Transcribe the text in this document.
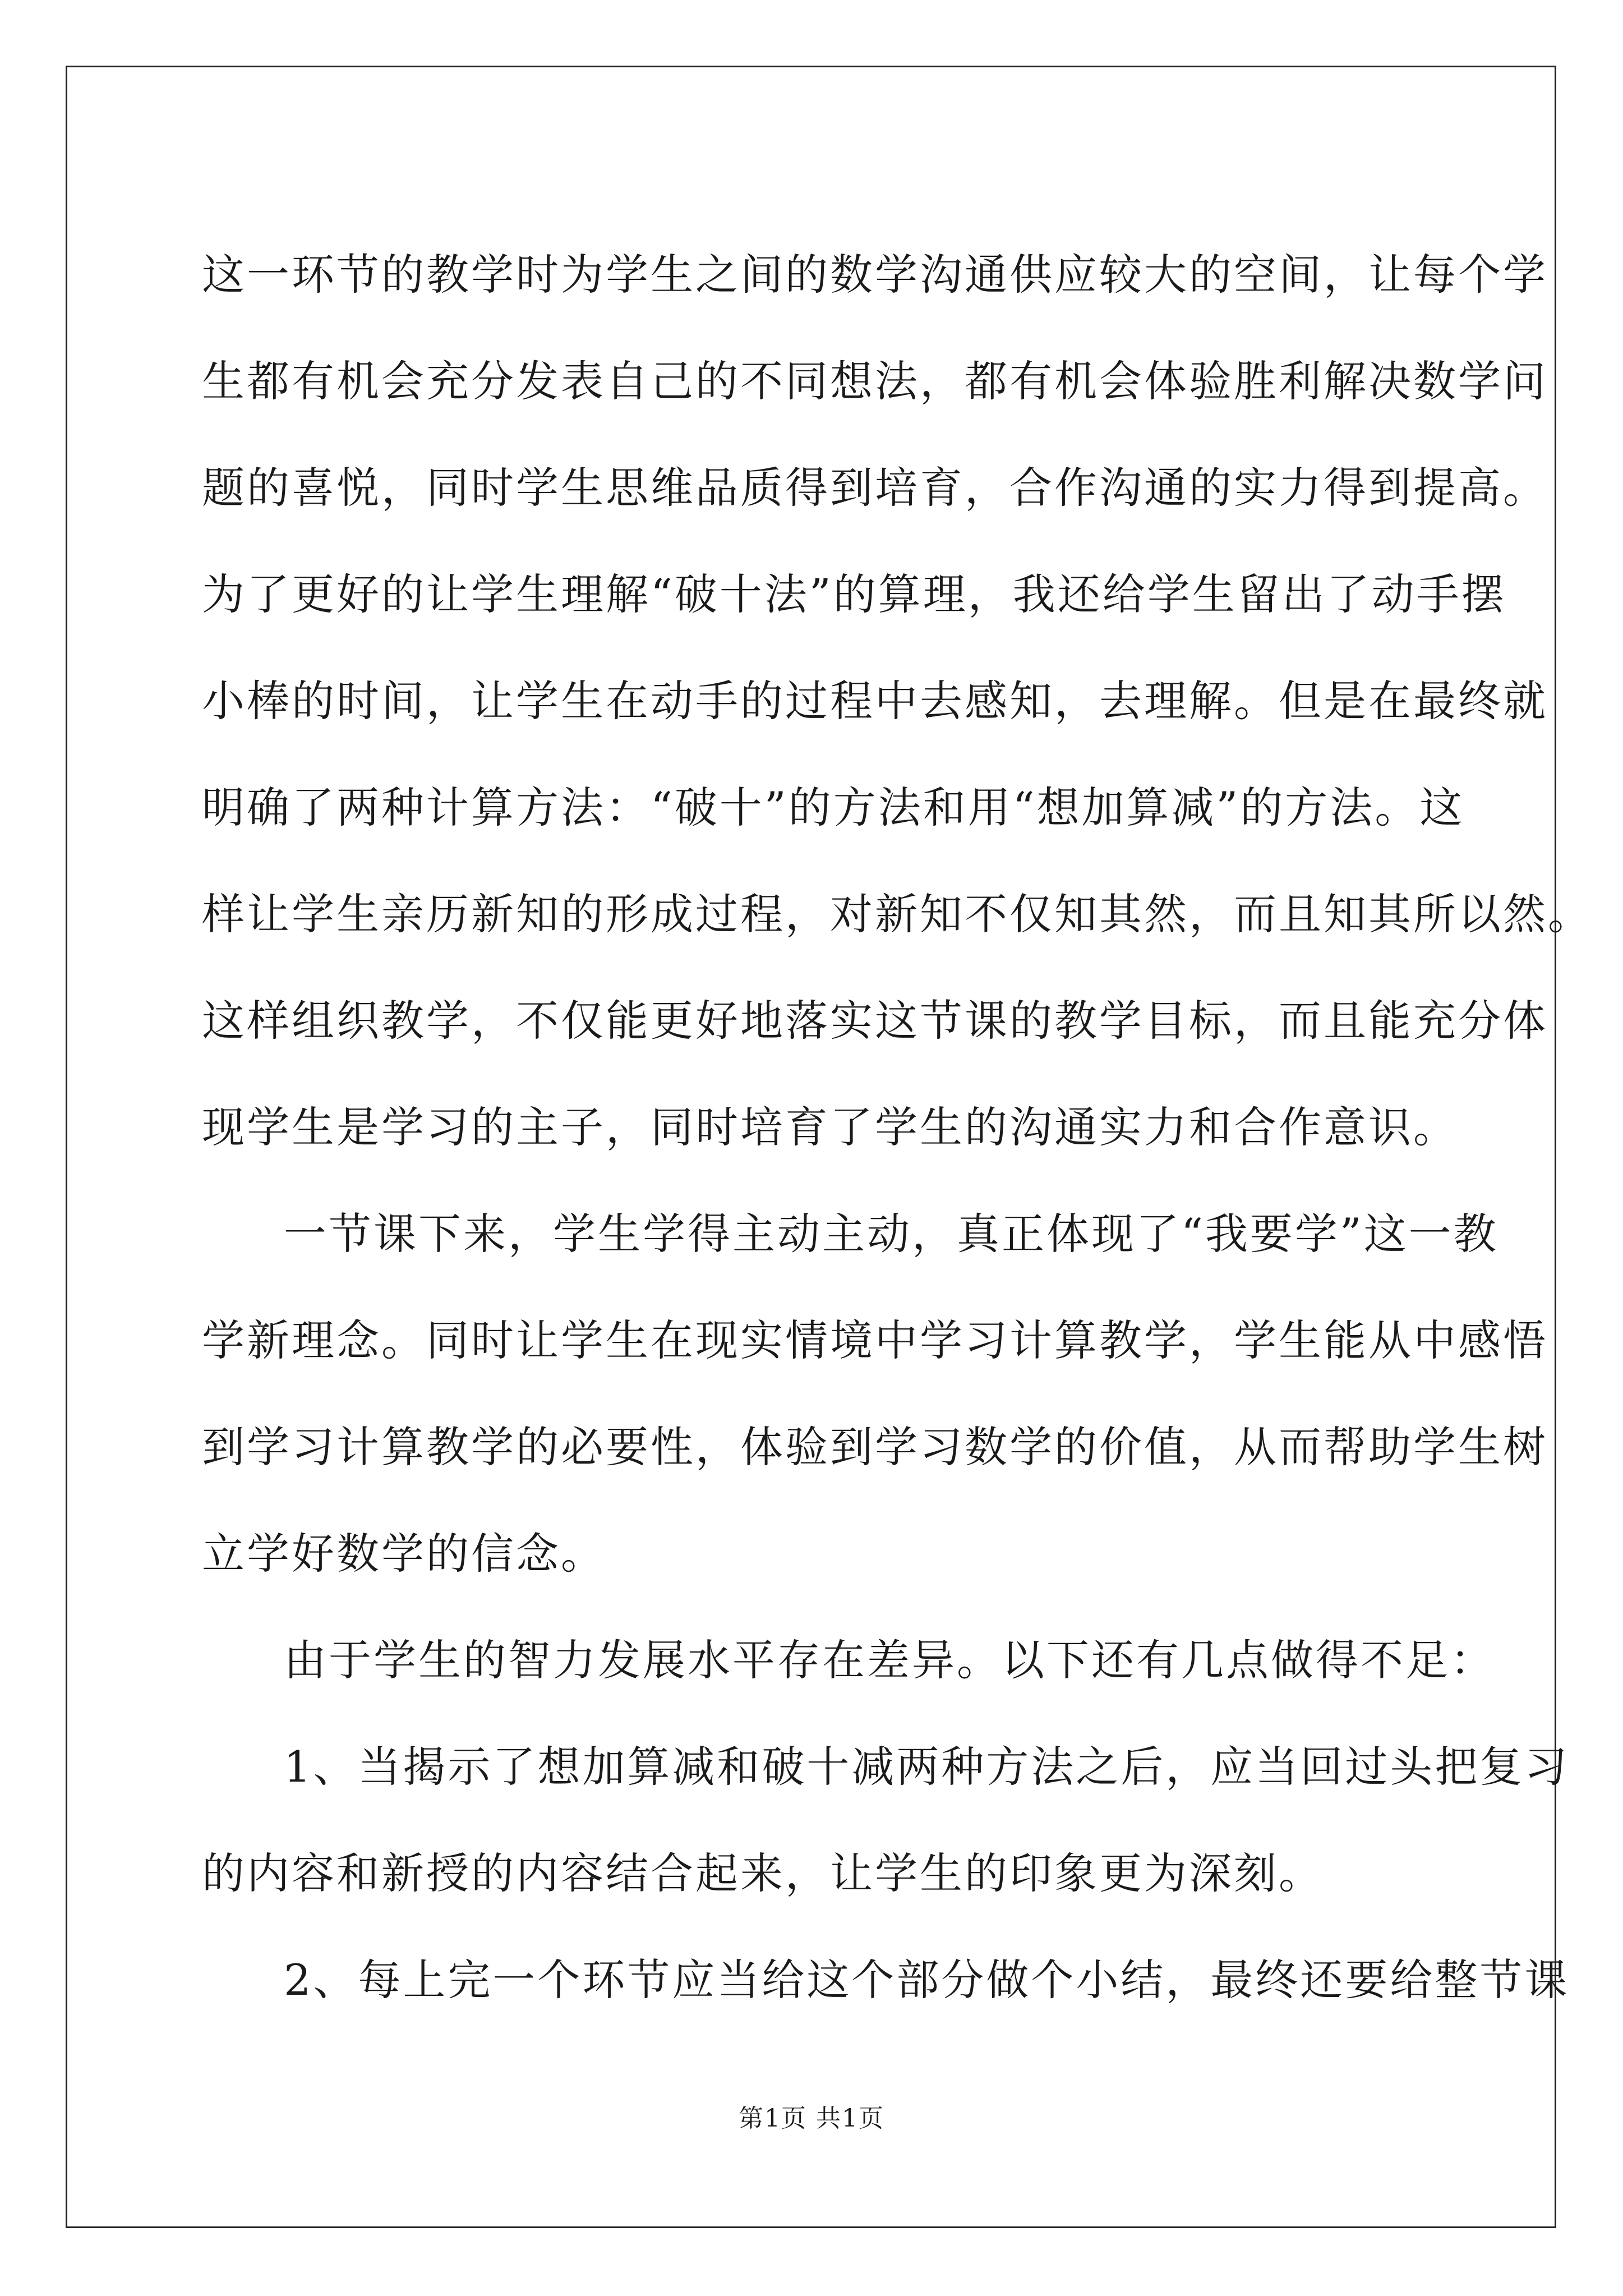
这一环节的教学时为学生之间的数学沟通供应较大的空间，让每个学
生都有机会充分发表自己的不同想法，都有机会体验胜利解决数学问
题的喜悦，同时学生思维品质得到培育，合作沟通的实力得到提高。
为了更好的让学生理解“破十法”的算理，我还给学生留出了动手摆
小棒的时间，让学生在动手的过程中去感知，去理解。但是在最终就
明确了两种计算方法：“破十”的方法和用“想加算减”的方法。这
样让学生亲历新知的形成过程，对新知不仅知其然，而且知其所以然。
这样组织教学，不仅能更好地落实这节课的教学目标，而且能充分体
现学生是学习的主子，同时培育了学生的沟通实力和合作意识。
一节课下来，学生学得主动主动，真正体现了“我要学”这一教
学新理念。同时让学生在现实情境中学习计算教学，学生能从中感悟
到学习计算教学的必要性，体验到学习数学的价值，从而帮助学生树
立学好数学的信念。
由于学生的智力发展水平存在差异。以下还有几点做得不足：
1、当揭示了想加算减和破十减两种方法之后，应当回过头把复习
的内容和新授的内容结合起来，让学生的印象更为深刻。
2、每上完一个环节应当给这个部分做个小结，最终还要给整节课
第1页 共1页
